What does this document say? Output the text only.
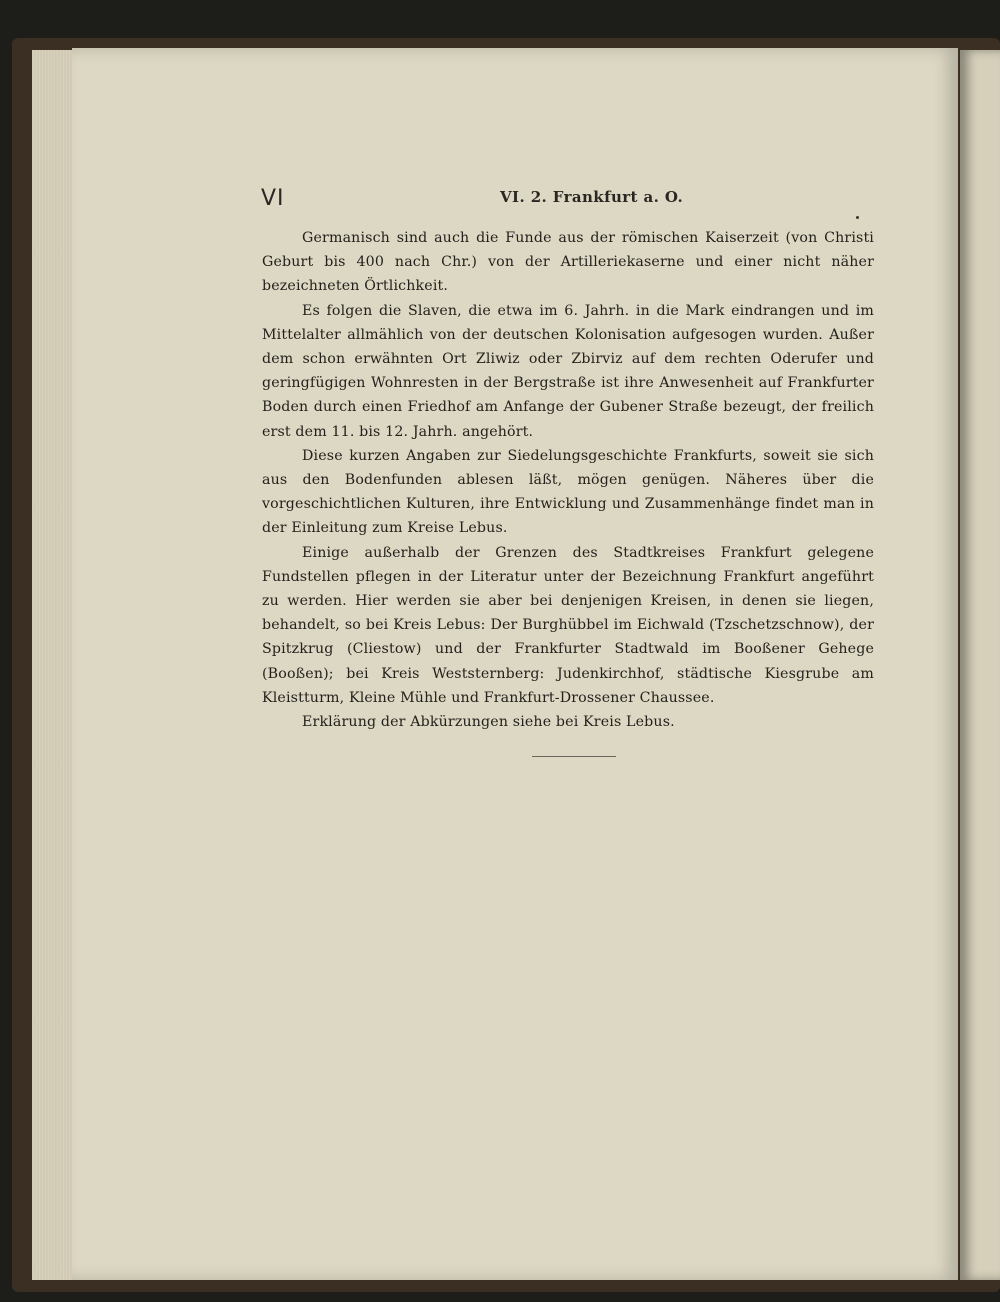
VI	VI. 2. Frankfurt a. O.

Germanisch sind auch die Funde aus der römischen Kaiserzeit (von Christi Geburt bis 400 nach Chr.) von der Artilleriekaserne und einer nicht näher bezeichneten Örtlichkeit.

Es folgen die Slaven, die etwa im 6. Jahrh. in die Mark eindrangen und im Mittelalter allmählich von der deutschen Kolonisation aufgesogen wurden. Außer dem schon erwähnten Ort Zliwiz oder Zbirviz auf dem rechten Oderufer und geringfügigen Wohnresten in der Bergstraße ist ihre Anwesenheit auf Frankfurter Boden durch einen Friedhof am Anfange der Gubener Straße bezeugt, der freilich erst dem 11. bis 12. Jahrh. angehört.

Diese kurzen Angaben zur Siedelungsgeschichte Frankfurts, soweit sie sich aus den Bodenfunden ablesen läßt, mögen genügen. Näheres über die vorgeschichtlichen Kulturen, ihre Entwicklung und Zusammenhänge findet man in der Einleitung zum Kreise Lebus.

Einige außerhalb der Grenzen des Stadtkreises Frankfurt gelegene Fundstellen pflegen in der Literatur unter der Bezeichnung Frankfurt angeführt zu werden. Hier werden sie aber bei denjenigen Kreisen, in denen sie liegen, behandelt, so bei Kreis Lebus: Der Burghübbel im Eichwald (Tzschetzschnow), der Spitzkrug (Cliestow) und der Frankfurter Stadtwald im Booßener Gehege (Booßen); bei Kreis Weststernberg: Judenkirchhof, städtische Kiesgrube am Kleistturm, Kleine Mühle und Frankfurt-Drossener Chaussee.

Erklärung der Abkürzungen siehe bei Kreis Lebus.
